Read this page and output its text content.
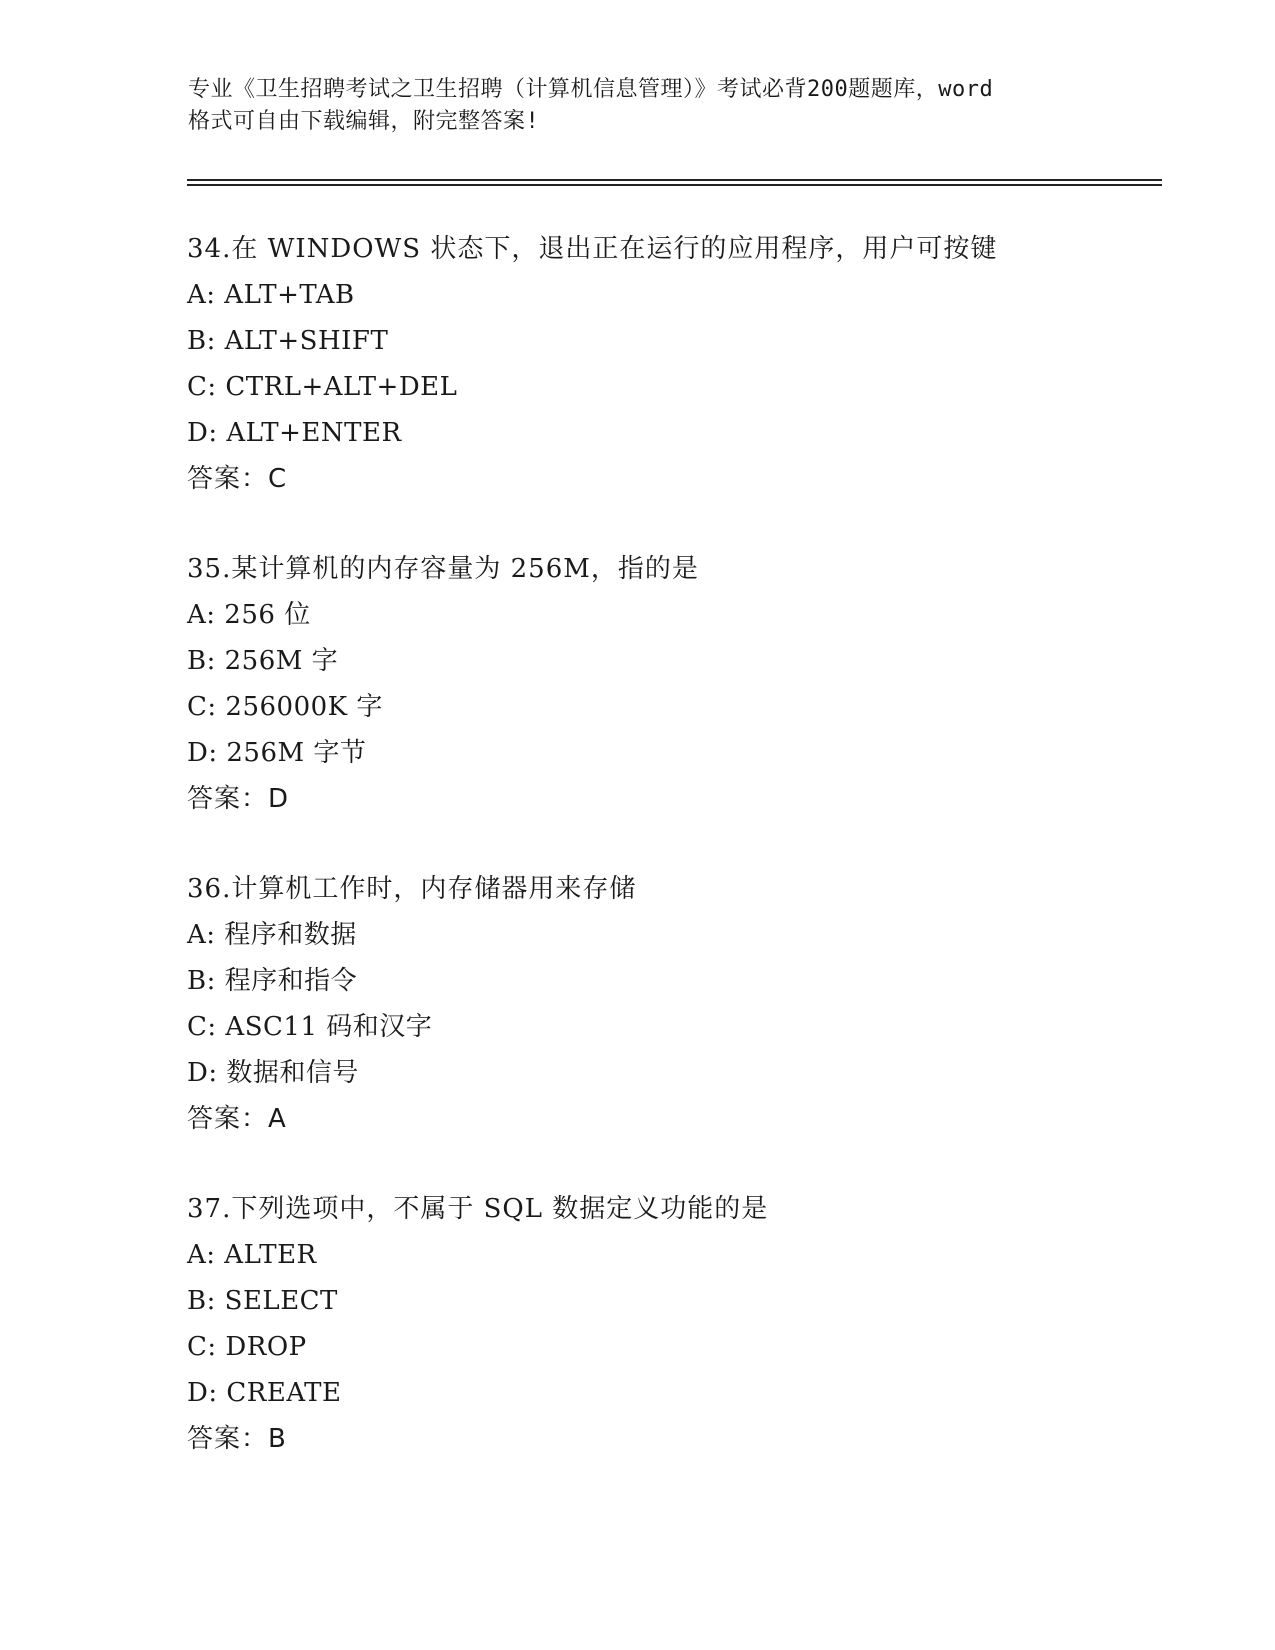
专业《卫生招聘考试之卫生招聘（计算机信息管理）》考试必背200题题库，word
格式可自由下载编辑，附完整答案!
34.在 WINDOWS 状态下，退出正在运行的应用程序，用户可按键
A: ALT+TAB
B: ALT+SHIFT
C: CTRL+ALT+DEL
D: ALT+ENTER
答案：C
35.某计算机的内存容量为 256M，指的是
A: 256 位
B: 256M 字
C: 256000K 字
D: 256M 字节
答案：D
36.计算机工作时，内存储器用来存储
A: 程序和数据
B: 程序和指令
C: ASC11 码和汉字
D: 数据和信号
答案：A
37.下列选项中，不属于 SQL 数据定义功能的是
A: ALTER
B: SELECT
C: DROP
D: CREATE
答案：B
